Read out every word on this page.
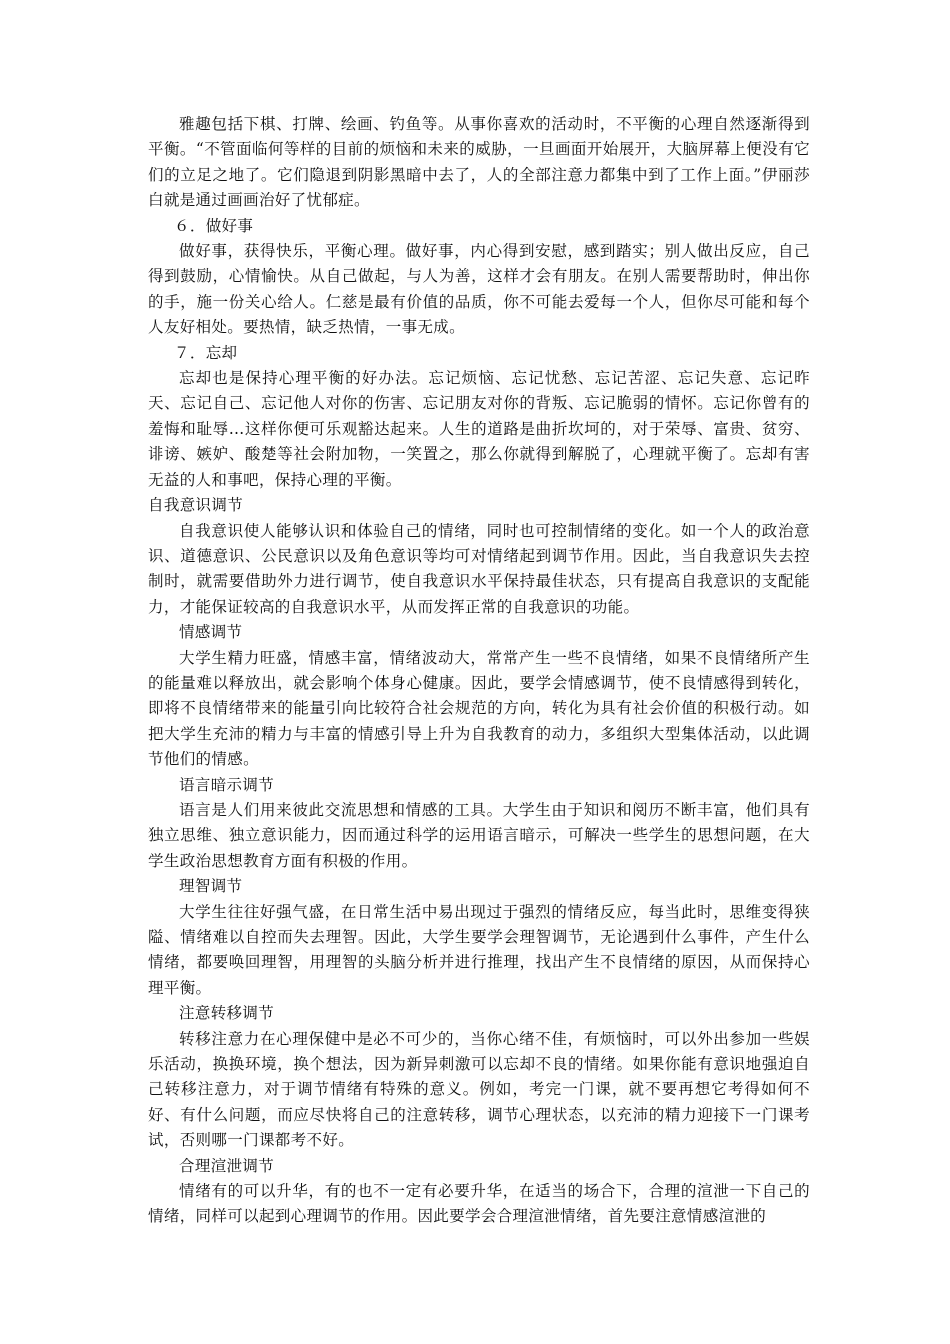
雅趣包括下棋、打牌、绘画、钓鱼等。从事你喜欢的活动时，不平衡的心理自然逐渐得到平衡。“不管面临何等样的目前的烦恼和未来的威胁，一旦画面开始展开，大脑屏幕上便没有它们的立足之地了。它们隐退到阴影黑暗中去了，人的全部注意力都集中到了工作上面。”伊丽莎白就是通过画画治好了忧郁症。

６．做好事

做好事，获得快乐，平衡心理。做好事，内心得到安慰，感到踏实；别人做出反应，自己得到鼓励，心情愉快。从自己做起，与人为善，这样才会有朋友。在别人需要帮助时，伸出你的手，施一份关心给人。仁慈是最有价值的品质，你不可能去爱每一个人，但你尽可能和每个人友好相处。要热情，缺乏热情，一事无成。

７．忘却

忘却也是保持心理平衡的好办法。忘记烦恼、忘记忧愁、忘记苦涩、忘记失意、忘记昨天、忘记自己、忘记他人对你的伤害、忘记朋友对你的背叛、忘记脆弱的情怀。忘记你曾有的羞悔和耻辱…这样你便可乐观豁达起来。人生的道路是曲折坎坷的，对于荣辱、富贵、贫穷、诽谤、嫉妒、酸楚等社会附加物，一笑置之，那么你就得到解脱了，心理就平衡了。忘却有害无益的人和事吧，保持心理的平衡。

自我意识调节

自我意识使人能够认识和体验自己的情绪，同时也可控制情绪的变化。如一个人的政治意识、道德意识、公民意识以及角色意识等均可对情绪起到调节作用。因此，当自我意识失去控制时，就需要借助外力进行调节，使自我意识水平保持最佳状态，只有提高自我意识的支配能力，才能保证较高的自我意识水平，从而发挥正常的自我意识的功能。

情感调节

大学生精力旺盛，情感丰富，情绪波动大，常常产生一些不良情绪，如果不良情绪所产生的能量难以释放出，就会影响个体身心健康。因此，要学会情感调节，使不良情感得到转化，即将不良情绪带来的能量引向比较符合社会规范的方向，转化为具有社会价值的积极行动。如把大学生充沛的精力与丰富的情感引导上升为自我教育的动力，多组织大型集体活动，以此调节他们的情感。

语言暗示调节

语言是人们用来彼此交流思想和情感的工具。大学生由于知识和阅历不断丰富，他们具有独立思维、独立意识能力，因而通过科学的运用语言暗示，可解决一些学生的思想问题，在大学生政治思想教育方面有积极的作用。

理智调节

大学生往往好强气盛，在日常生活中易出现过于强烈的情绪反应，每当此时，思维变得狭隘、情绪难以自控而失去理智。因此，大学生要学会理智调节，无论遇到什么事件，产生什么情绪，都要唤回理智，用理智的头脑分析并进行推理，找出产生不良情绪的原因，从而保持心理平衡。

注意转移调节

转移注意力在心理保健中是必不可少的，当你心绪不佳，有烦恼时，可以外出参加一些娱乐活动，换换环境，换个想法，因为新异刺激可以忘却不良的情绪。如果你能有意识地强迫自己转移注意力，对于调节情绪有特殊的意义。例如，考完一门课，就不要再想它考得如何不好、有什么问题，而应尽快将自己的注意转移，调节心理状态，以充沛的精力迎接下一门课考试，否则哪一门课都考不好。

合理渲泄调节

情绪有的可以升华，有的也不一定有必要升华，在适当的场合下，合理的渲泄一下自己的情绪，同样可以起到心理调节的作用。因此要学会合理渲泄情绪，首先要注意情感渲泄的
